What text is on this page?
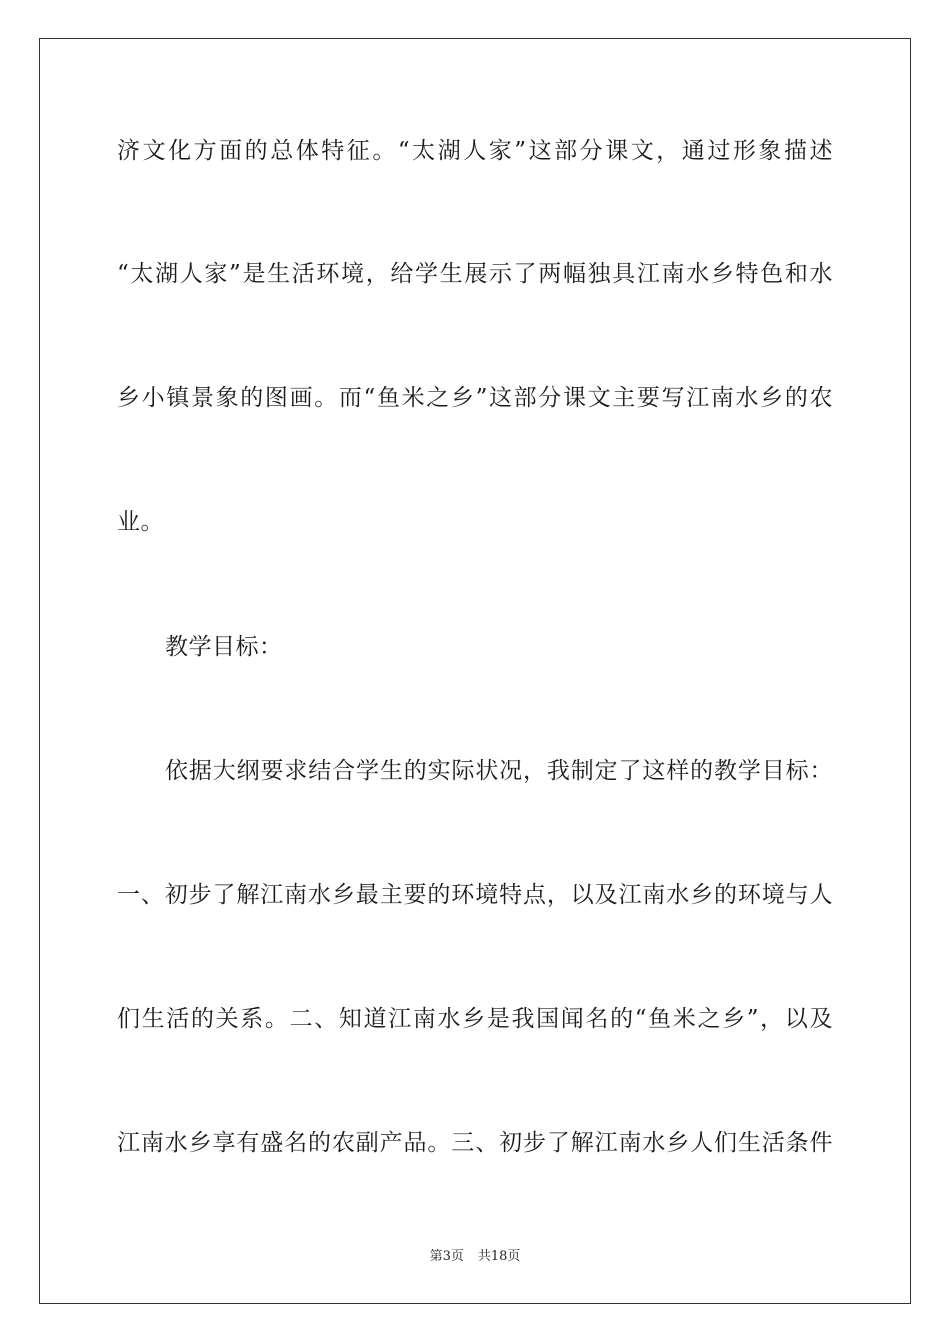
济文化方面的总体特征。“太湖人家”这部分课文，通过形象描述
“太湖人家”是生活环境，给学生展示了两幅独具江南水乡特色和水
乡小镇景象的图画。而“鱼米之乡”这部分课文主要写江南水乡的农
业。
教学目标：
依据大纲要求结合学生的实际状况，我制定了这样的教学目标：
一、初步了解江南水乡最主要的环境特点，以及江南水乡的环境与人
们生活的关系。二、知道江南水乡是我国闻名的“鱼米之乡”，以及
江南水乡享有盛名的农副产品。三、初步了解江南水乡人们生活条件
第3页 共18页
